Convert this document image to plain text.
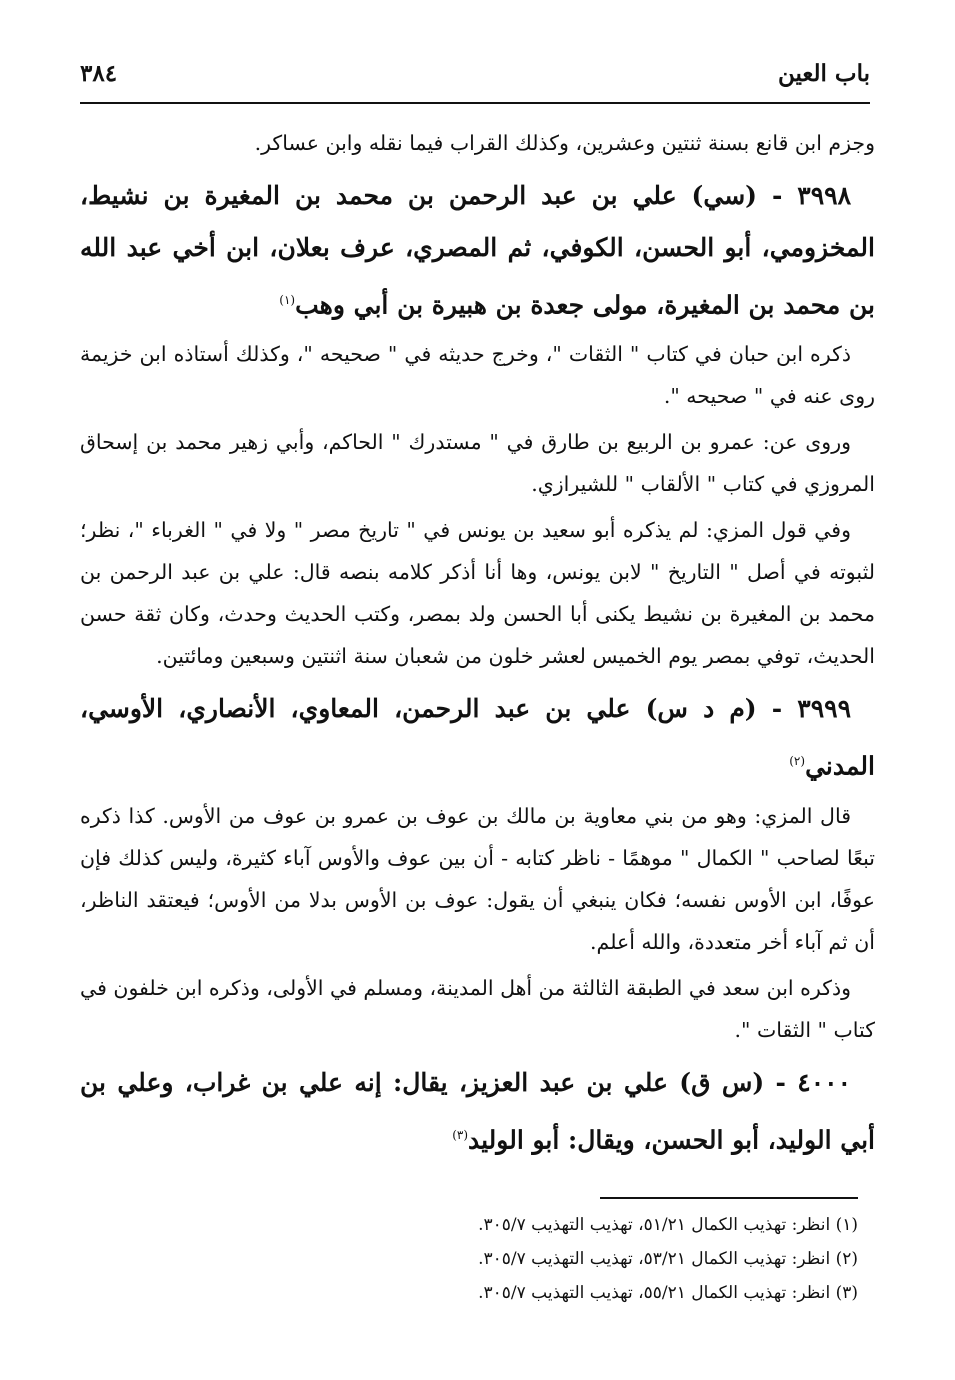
باب العين
٣٨٤

وجزم ابن قانع بسنة ثنتين وعشرين، وكذلك القراب فيما نقله وابن عساكر.

٣٩٩٨ - (سي) علي بن عبد الرحمن بن محمد بن المغيرة بن نشيط، المخزومي، أبو الحسن، الكوفي، ثم المصري، عرف بعلان، ابن أخي عبد الله بن محمد بن المغيرة، مولى جعدة بن هبيرة بن أبي وهب$^{(١)}$

ذكره ابن حبان في كتاب " الثقات "، وخرج حديثه في " صحيحه "، وكذلك أستاذه ابن خزيمة روى عنه في " صحيحه ".

وروى عن: عمرو بن الربيع بن طارق في " مستدرك " الحاكم، وأبي زهير محمد بن إسحاق المروزي في كتاب " الألقاب " للشيرازي.

وفي قول المزي: لم يذكره أبو سعيد بن يونس في " تاريخ مصر " ولا في " الغرباء "، نظر؛ لثبوته في أصل " التاريخ " لابن يونس، وها أنا أذكر كلامه بنصه قال: علي بن عبد الرحمن بن محمد بن المغيرة بن نشيط يكنى أبا الحسن ولد بمصر، وكتب الحديث وحدث، وكان ثقة حسن الحديث، توفي بمصر يوم الخميس لعشر خلون من شعبان سنة اثنتين وسبعين ومائتين.

٣٩٩٩ - (م د س) علي بن عبد الرحمن، المعاوي، الأنصاري، الأوسي، المدني$^{(٢)}$

قال المزي: وهو من بني معاوية بن مالك بن عوف بن عمرو بن عوف من الأوس. كذا ذكره تبعًا لصاحب " الكمال " موهمًا - ناظر كتابه - أن بين عوف والأوس آباء كثيرة، وليس كذلك فإن عوفًا، ابن الأوس نفسه؛ فكان ينبغي أن يقول: عوف بن الأوس بدلا من الأوس؛ فيعتقد الناظر، أن ثم آباء أخر متعددة، والله أعلم.

وذكره ابن سعد في الطبقة الثالثة من أهل المدينة، ومسلم في الأولى، وذكره ابن خلفون في كتاب " الثقات ".

٤٠٠٠ - (س ق) علي بن عبد العزيز، يقال: إنه علي بن غراب، وعلي بن أبي الوليد، أبو الحسن، ويقال: أبو الوليد$^{(٣)}$

(١) انظر: تهذيب الكمال ٥١/٢١، تهذيب التهذيب ٣٠٥/٧.

(٢) انظر: تهذيب الكمال ٥٣/٢١، تهذيب التهذيب ٣٠٥/٧.

(٣) انظر: تهذيب الكمال ٥٥/٢١، تهذيب التهذيب ٣٠٥/٧.
